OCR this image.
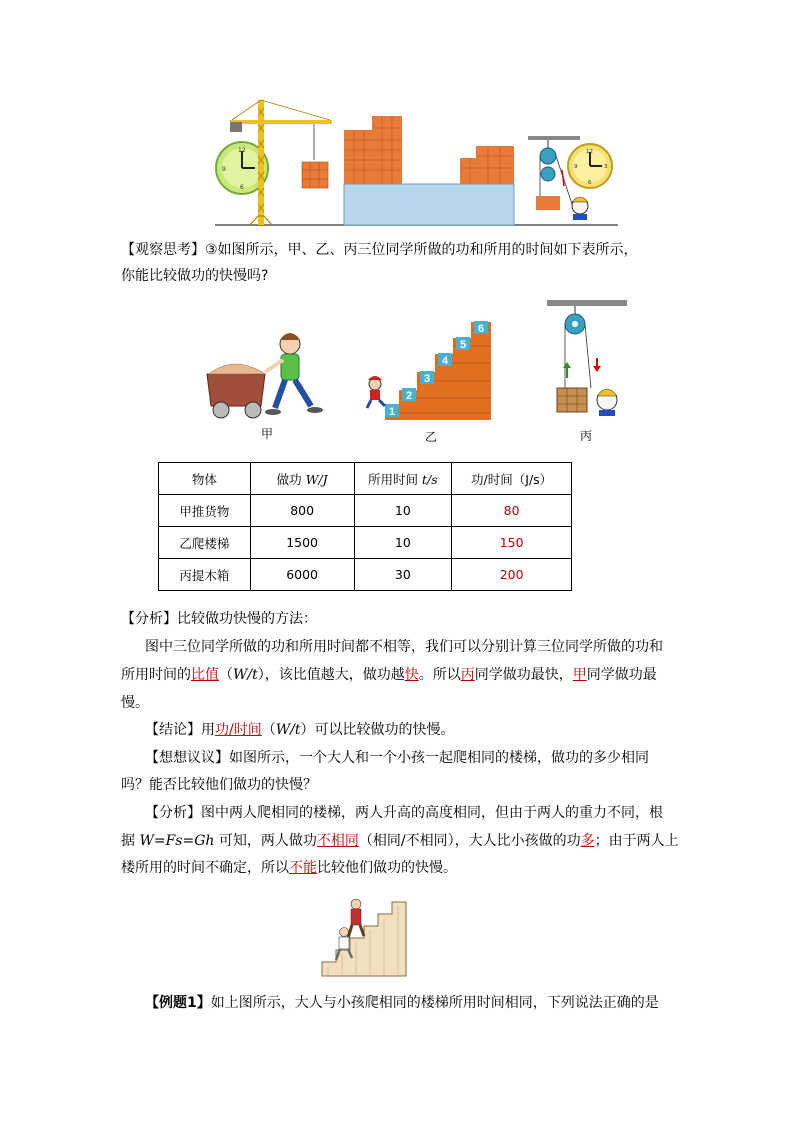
12
6
9
12
3
6
9
【观察思考】③如图所示，甲、乙、丙三位同学所做的功和所用的时间如下表所示，
你能比较做功的快慢吗?
1
2
3
4
5
6
甲	乙	丙
物体	做功 W/J	所用时间 t/s	功/时间（J/s）
甲推货物	800	10	80
乙爬楼梯	1500	10	150
丙提木箱	6000	30	200
【分析】比较做功快慢的方法：
图中三位同学所做的功和所用时间都不相等，我们可以分别计算三位同学所做的功和
所用时间的比值（W/t），该比值越大，做功越快。所以丙同学做功最快，甲同学做功最
慢。
【结论】用功/时间（W/t）可以比较做功的快慢。
【想想议议】如图所示，一个大人和一个小孩一起爬相同的楼梯，做功的多少相同
吗？能否比较他们做功的快慢？
【分析】图中两人爬相同的楼梯，两人升高的高度相同，但由于两人的重力不同，根
据 W=Fs=Gh 可知，两人做功不相同（相同/不相同），大人比小孩做的功多；由于两人上
楼所用的时间不确定，所以不能比较他们做功的快慢。
【例题1】如上图所示，大人与小孩爬相同的楼梯所用时间相同，下列说法正确的是
